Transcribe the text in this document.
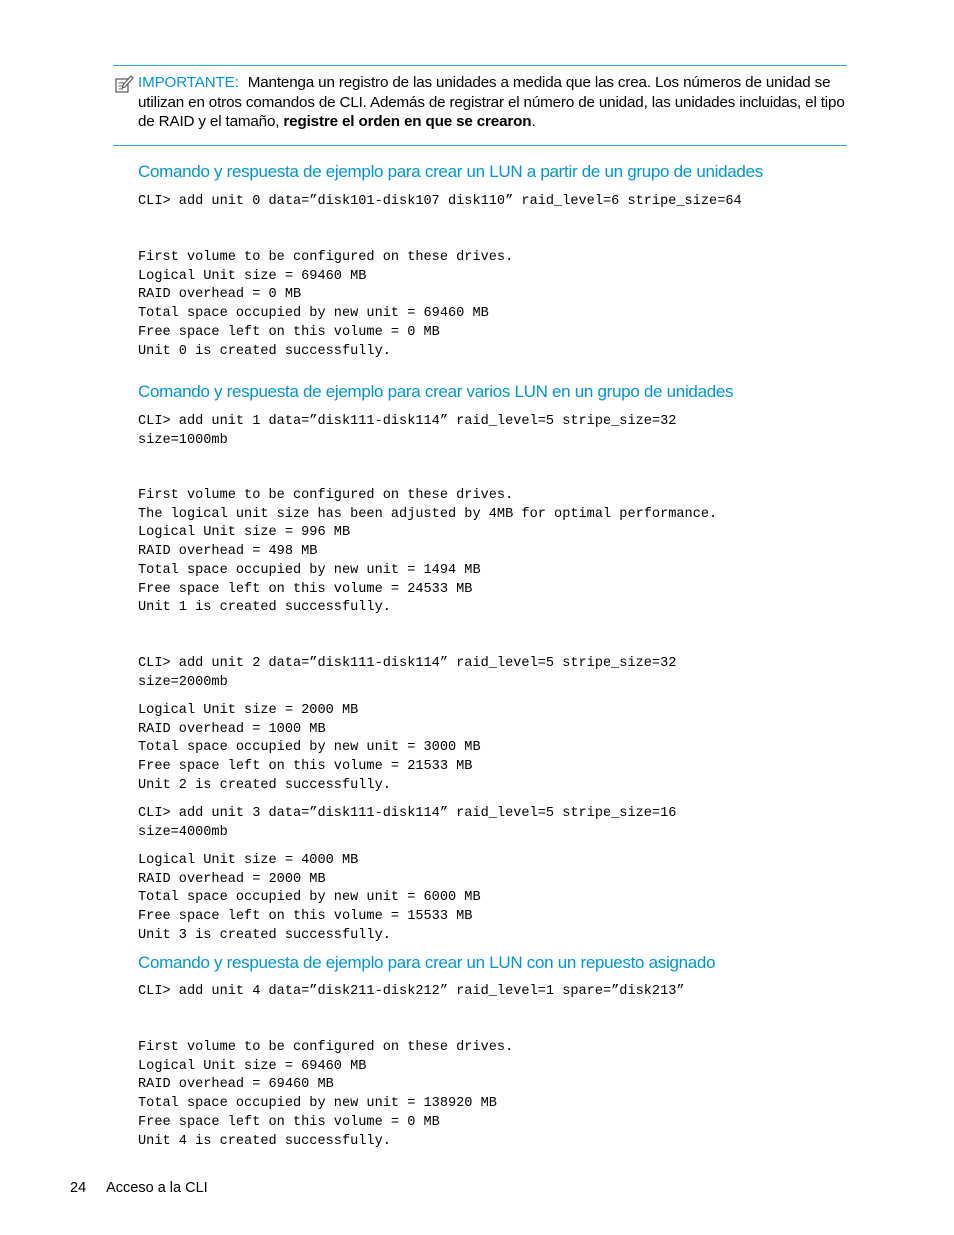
IMPORTANTE: Mantenga un registro de las unidades a medida que las crea. Los números de unidad se utilizan en otros comandos de CLI. Además de registrar el número de unidad, las unidades incluidas, el tipo de RAID y el tamaño, registre el orden en que se crearon.
Comando y respuesta de ejemplo para crear un LUN a partir de un grupo de unidades
CLI> add unit 0 data=”disk101-disk107 disk110” raid_level=6 stripe_size=64
First volume to be configured on these drives.
Logical Unit size = 69460 MB
RAID overhead = 0 MB
Total space occupied by new unit = 69460 MB
Free space left on this volume = 0 MB
Unit 0 is created successfully.
Comando y respuesta de ejemplo para crear varios LUN en un grupo de unidades
CLI> add unit 1 data=”disk111-disk114” raid_level=5 stripe_size=32
size=1000mb
First volume to be configured on these drives.
The logical unit size has been adjusted by 4MB for optimal performance.
Logical Unit size = 996 MB
RAID overhead = 498 MB
Total space occupied by new unit = 1494 MB
Free space left on this volume = 24533 MB
Unit 1 is created successfully.
CLI> add unit 2 data=”disk111-disk114” raid_level=5 stripe_size=32
size=2000mb
Logical Unit size = 2000 MB
RAID overhead = 1000 MB
Total space occupied by new unit = 3000 MB
Free space left on this volume = 21533 MB
Unit 2 is created successfully.
CLI> add unit 3 data=”disk111-disk114” raid_level=5 stripe_size=16
size=4000mb
Logical Unit size = 4000 MB
RAID overhead = 2000 MB
Total space occupied by new unit = 6000 MB
Free space left on this volume = 15533 MB
Unit 3 is created successfully.
Comando y respuesta de ejemplo para crear un LUN con un repuesto asignado
CLI> add unit 4 data=”disk211-disk212” raid_level=1 spare=”disk213”
First volume to be configured on these drives.
Logical Unit size = 69460 MB
RAID overhead = 69460 MB
Total space occupied by new unit = 138920 MB
Free space left on this volume = 0 MB
Unit 4 is created successfully.
24 Acceso a la CLI
